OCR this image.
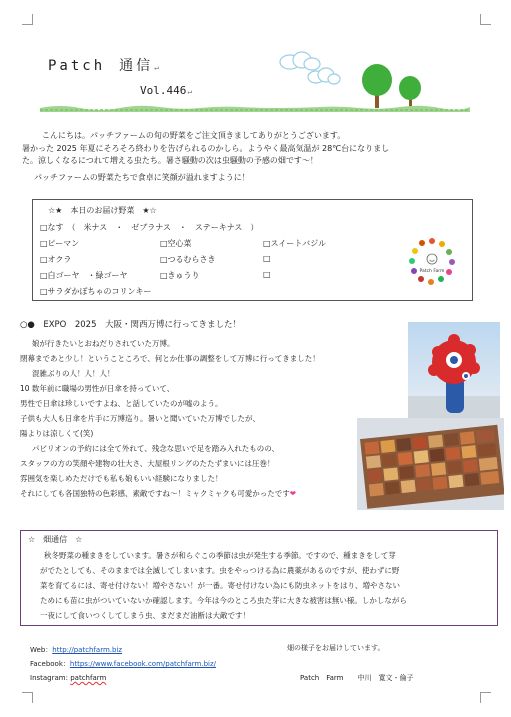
Patch 通信↵
Vol.446↵
こんにちは。パッチファームの旬の野菜をご注文頂きましてありがとうございます。
暑かった 2025 年夏にそろそろ終わりを告げられるのかしら。ようやく最高気温が 28℃台になりまし
た。涼しくなるにつれて増える虫たち。暑さ騒動の次は虫騒動の予感の畑です～！
パッチファームの野菜たちで食卓に笑顔が溢れますように！
☆★　本日のお届け野菜　★☆
□なす　（　米ナス　・　ゼブラナス　・　ステーキナス　）
□ピーマン	□空心菜	□スイートバジル
□オクラ	□つるむらさき	□
□白ゴーヤ　・緑ゴーヤ	□きゅうり	□
□サラダかぼちゃのコリンキー
Patch Farm
○●　EXPO　2025　大阪・関西万博に行ってきました！
娘が行きたいとおねだりされていた万博。
閉幕まであと少し！ということころで、何とか仕事の調整をして万博に行ってきました！
混雑ぶりの人！人！人！
10 数年前に職場の男性が日傘を持っていて、
男性で日傘は珍しいですよね、と話していたのが嘘のよう。
子供も大人も日傘を片手に万博巡り。暑いと聞いていた万博でしたが、
陽よりは涼しくて(笑)
パビリオンの予約には全て外れて、残念な思いで足を踏み入れたものの、
スタッフの方の笑顔や建物の壮大さ、大屋根リングのたたずまいには圧巻！
雰囲気を楽しめただけでも私も娘もいい経験になりました！
それにしても各国独特の色彩感、素敵ですね～！ミャクミャクも可愛かったです❤
☆　畑通信　☆
秋冬野菜の種まきをしています。暑さが和らぐこの季節は虫が発生する季節。ですので、種まきをして芽
がでたとしても、そのままでは全滅してしまいます。虫をやっつける為に農薬があるのですが、使わずに野
菜を育てるには、寄せ付けない！増やさない！が一番。寄せ付けない為にも防虫ネットをはり、増やさない
ためにも苗に虫がついていないか確認します。今年は今のところ虫た芽に大きな被害は無い様。しかしながら
一夜にして食いつくしてしまう虫、まだまだ油断は大敵です！
Web：http://patchfarm.biz
Facebook：https://www.facebook.com/patchfarm.biz/
Instagram: patchfarm
畑の様子をお届けしています。
Patch　Farm　　中川　寛文・倫子
